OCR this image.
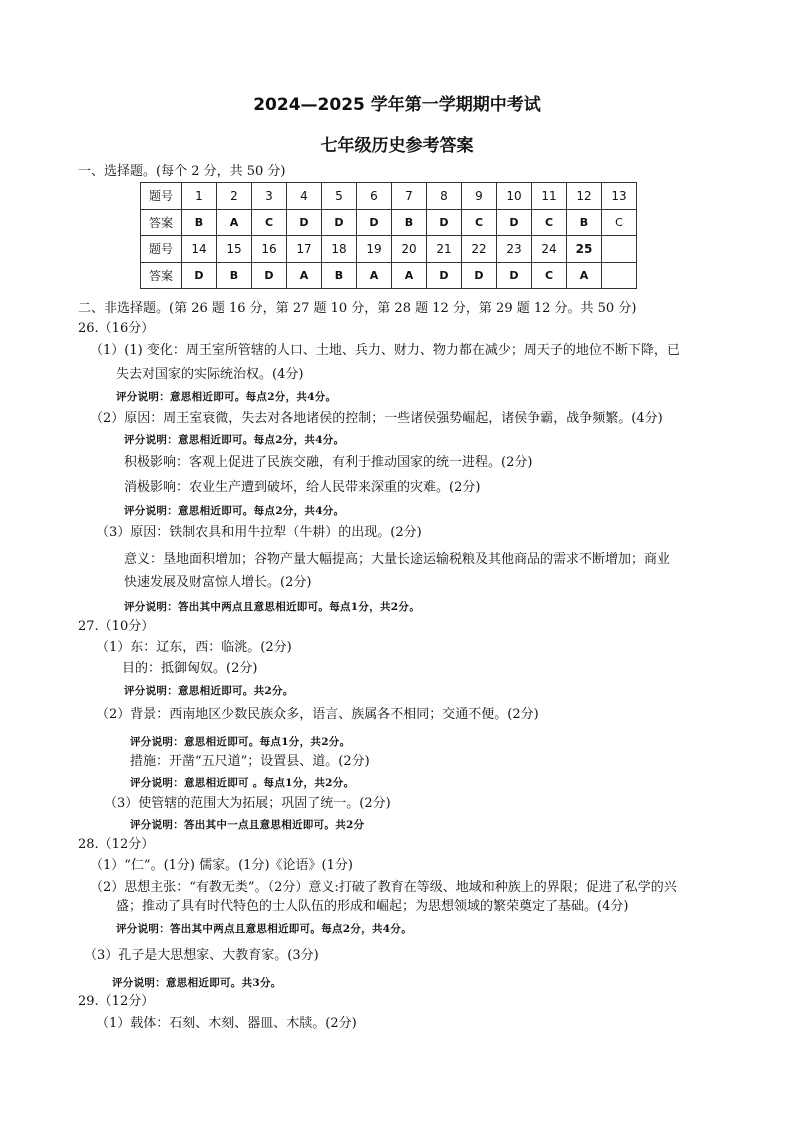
2024—2025 学年第一学期期中考试
七年级历史参考答案
一、选择题。(每个 2 分，共 50 分)
题号	1	2	3	4	5	6	7	8	9	10	11	12	13
答案	B	A	C	D	D	D	B	D	C	D	C	B	C
题号	14	15	16	17	18	19	20	21	22	23	24	25	
答案	D	B	D	A	B	A	A	D	D	D	C	A	
二、非选择题。(第 26 题 16 分，第 27 题 10 分，第 28 题 12 分，第 29 题 12 分。共 50 分)
26.（16分）
（1）(1) 变化：周王室所管辖的人口、土地、兵力、财力、物力都在减少；周天子的地位不断下降，已
失去对国家的实际统治权。(4分)
评分说明：意思相近即可。每点2分，共4分。
（2）原因：周王室衰微，失去对各地诸侯的控制；一些诸侯强势崛起，诸侯争霸，战争频繁。(4分)
评分说明：意思相近即可。每点2分，共4分。
积极影响：客观上促进了民族交融，有利于推动国家的统一进程。(2分)
消极影响：农业生产遭到破坏，给人民带来深重的灾难。(2分)
评分说明：意思相近即可。每点2分，共4分。
（3）原因：铁制农具和用牛拉犁（牛耕）的出现。(2分)
意义：垦地面积增加；谷物产量大幅提高；大量长途运输税粮及其他商品的需求不断增加；商业
快速发展及财富惊人增长。(2分)
评分说明：答出其中两点且意思相近即可。每点1分，共2分。
27.（10分）
（1）东：辽东，西：临洮。(2分)
目的：抵御匈奴。(2分)
评分说明：意思相近即可。共2分。
（2）背景：西南地区少数民族众多，语言、族属各不相同；交通不便。(2分)
评分说明：意思相近即可。每点1分，共2分。
措施：开凿“五尺道”；设置县、道。(2分)
评分说明：意思相近即可 。每点1分，共2分。
（3）使管辖的范围大为拓展；巩固了统一。(2分)
评分说明：答出其中一点且意思相近即可。共2分
28.（12分）
（1）“仁”。(1分) 儒家。(1分)《论语》(1分)
（2）思想主张：“有教无类”。（2分）意义:打破了教育在等级、地域和种族上的界限；促进了私学的兴
盛；推动了具有时代特色的士人队伍的形成和崛起；为思想领域的繁荣奠定了基础。(4分)
评分说明：答出其中两点且意思相近即可。每点2分，共4分。
（3）孔子是大思想家、大教育家。(3分)
评分说明：意思相近即可。共3分。
29.（12分）
（1）载体：石刻、木刻、器皿、木牍。(2分)
